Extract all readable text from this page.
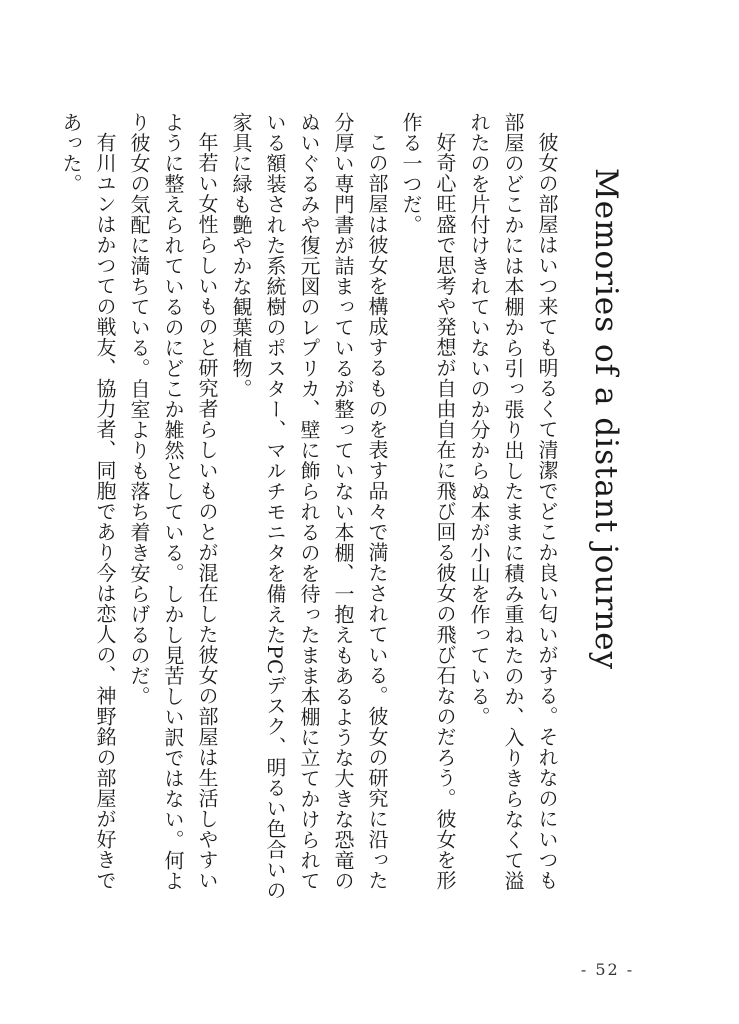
Memories of a distant journey

彼女の部屋はいつ来ても明るくて清潔でどこか良い匂いがする。それなのにいつも部屋のどこかには本棚から引っ張り出したままに積み重ねたのか、入りきらなくて溢れたのを片付けきれていないのか分からぬ本が小山を作っている。

好奇心旺盛で思考や発想が自由自在に飛び回る彼女の飛び石なのだろう。彼女を形作る一つだ。

この部屋は彼女を構成するものを表す品々で満たされている。彼女の研究に沿った分厚い専門書が詰まっているが整っていない本棚、一抱えもあるような大きな恐竜のぬいぐるみや復元図のレプリカ、壁に飾られるのを待ったまま本棚に立てかけられている額装された系統樹のポスター、マルチモニタを備えたPCデスク、明るい色合いの家具に緑も艶やかな観葉植物。

年若い女性らしいものと研究者らしいものとが混在した彼女の部屋は生活しやすいように整えられているのにどこか雑然としている。しかし見苦しい訳ではない。何より彼女の気配に満ちている。自室よりも落ち着き安らげるのだ。

有川ユンはかつての戦友、協力者、同胞であり今は恋人の、神野銘の部屋が好きであった。

- 52 -
